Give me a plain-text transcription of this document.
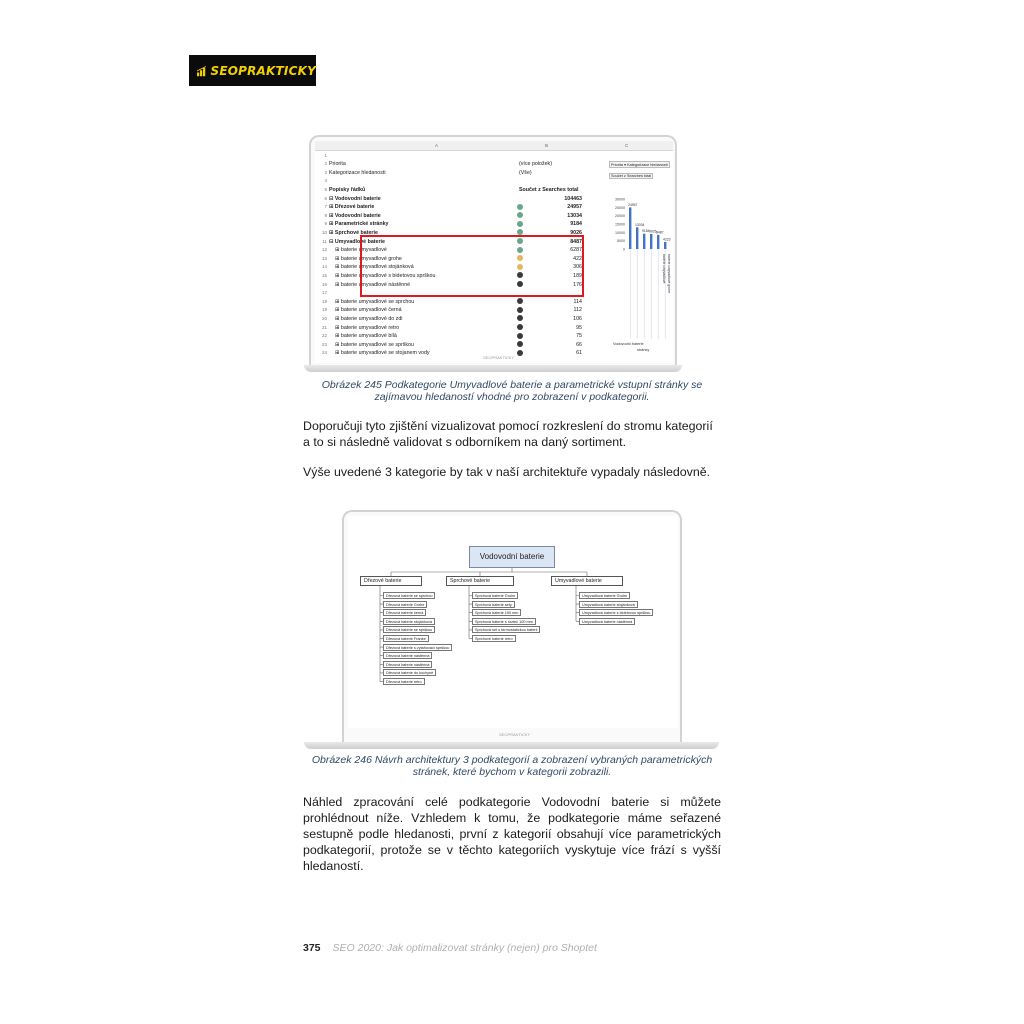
SEOPRAKTICKY
A	B	C
1
2 Priorita	(více položek)
3 Kategorizace hledanosti	(Vše)
4
5 Popisky řádků	Součet z Searches total
6 ⊟ Vodovodní baterie	104463
7 ⊞ Dřezové baterie	24957
8 ⊞ Vodovodní baterie	13034
9 ⊞ Parametrické stránky	9184
10 ⊞ Sprchové baterie	9026
11 ⊟ Umyvadlové baterie	8487
12 ⊞ baterie umyvadlové	6287
13 ⊞ baterie umyvadlové grohe	422
14 ⊞ baterie umyvadlové stojánková	306
15 ⊞ baterie umyvadlové s bidetovou sprškou	189
16 ⊞ baterie umyvadlové nástěnné	176
17
18 ⊞ baterie umyvadlové se sprchou	114
19 ⊞ baterie umyvadlové černá	112
20 ⊞ baterie umyvadlové do zdi	106
21 ⊞ baterie umyvadlové retro	95
22 ⊞ baterie umyvadlové bílá	75
23 ⊞ baterie umyvadlové se sprškou	66
24 ⊞ baterie umyvadlové se stojanem vody	61
Priorita ▾ Kategorizace hledanosti
Součet z Searches total
30000
25000
20000
15000
10000
5000
0
24957
13034
9184 9026 8487
4223
baterie umyvadlové baterie umyvadlové grohe
Vodovodní baterie
stránky
SEOPRAKTICKY
Obrázek 245 Podkategorie Umyvadlové baterie a parametrické vstupní stránky se zajímavou hledaností vhodné pro zobrazení v podkategorii.
Doporučuji tyto zjištění vizualizovat pomocí rozkreslení do stromu kategorií a to si následně validovat s odborníkem na daný sortiment.
Výše uvedené 3 kategorie by tak v naší architektuře vypadaly následovně.
Vodovodní baterie
Dřezové baterie
Dřezová baterie se sprchou
Dřezová baterie Grohe
Dřezová baterie černá
Dřezová baterie stojánková
Dřezová baterie se sprškou
Dřezová baterie Franke
Dřezová baterie s vytahovací sprškou
Dřezová baterie nástěnná
Dřezová baterie nástěnná
Dřezová baterie do kuchyně
Dřezová baterie retro
Sprchové baterie
Sprchová baterie Grohe
Sprchová baterie sety
Sprchová baterie 150 mm
Sprchová baterie s rozteč 100 mm
Sprchová set s termostatickou baterií
Sprchové baterie retro
Umyvadlové baterie
Umyvadlová baterie Grohe
Umyvadlová baterie stojánková
Umyvadlová baterie s bidetovou sprškou
Umyvadlová baterie nástěnná
SEOPRAKTICKY
Obrázek 246 Návrh architektury 3 podkategorií a zobrazení vybraných parametrických stránek, které bychom v kategorii zobrazili.
Náhled zpracování celé podkategorie Vodovodní baterie si můžete prohlédnout níže. Vzhledem k tomu, že podkategorie máme seřazené sestupně podle hledanosti, první z kategorií obsahují více parametrických podkategorií, protože se v těchto kategoriích vyskytuje více frází s vyšší hledaností.
375 SEO 2020: Jak optimalizovat stránky (nejen) pro Shoptet
